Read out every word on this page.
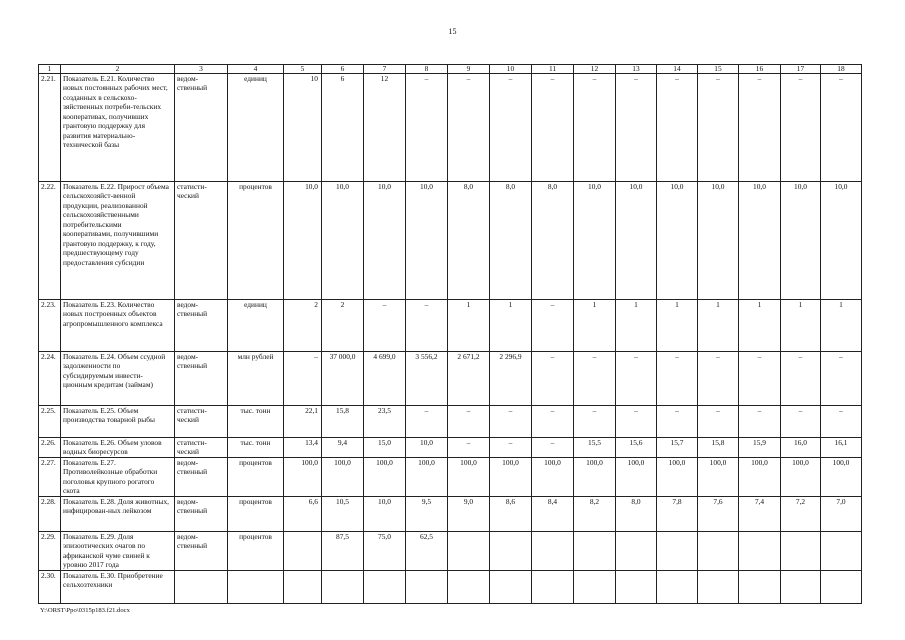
15
1	2	3	4	5	6	7	8	9	10	11	12	13	14	15	16	17	18
2.21.	Показатель Е.21. Количество новых постоянных рабочих мест, созданных в сельскохо-зяйственных потреби-тельских кооперативах, получивших грантовую поддержку для развития материально-технической базы	ведом-ственный	единиц	10	6	12	–	–	–	–	–	–	–	–	–	–	–
2.22.	Показатель Е.22. Прирост объема сельскохозяйст-венной продукции, реализованной сельскохозяйственными потребительскими кооперативами, получившими грантовую поддержку, к году, предшествующему году предоставления субсидии	статисти-ческий	процентов	10,0	10,0	10,0	10,0	8,0	8,0	8,0	10,0	10,0	10,0	10,0	10,0	10,0	10,0
2.23.	Показатель Е.23. Количество новых построенных объектов агропромышленного комплекса	ведом-ственный	единиц	2	2	–	–	1	1	–	1	1	1	1	1	1	1
2.24.	Показатель Е.24. Объем ссудной задолженности по субсидируемым инвести-ционным кредитам (займам)	ведом-ственный	млн рублей	–	37 000,0	4 699,0	3 556,2	2 671,2	2 296,9	–	–	–	–	–	–	–	–
2.25.	Показатель Е.25. Объем производства товарной рыбы	статисти-ческий	тыс. тонн	22,1	15,8	23,5	–	–	–	–	–	–	–	–	–	–	–
2.26.	Показатель Е.26. Объем уловов водных биоресурсов	статисти-ческий	тыс. тонн	13,4	9,4	15,0	10,0	–	–	–	15,5	15,6	15,7	15,8	15,9	16,0	16,1
2.27.	Показатель Е.27. Противолейкозные обработки поголовья крупного рогатого скота	ведом-ственный	процентов	100,0	100,0	100,0	100,0	100,0	100,0	100,0	100,0	100,0	100,0	100,0	100,0	100,0	100,0
2.28.	Показатель Е.28. Доля животных, инфицирован-ных лейкозом	ведом-ственный	процентов	6,6	10,5	10,0	9,5	9,0	8,6	8,4	8,2	8,0	7,8	7,6	7,4	7,2	7,0
2.29.	Показатель Е.29. Доля эпизоотических очагов по африканской чуме свиней к уровню 2017 года	ведом-ственный	процентов		87,5	75,0	62,5										
2.30.	Показатель Е.30. Приобретение сельхозтехники																
Y:\ORST\Ppo\0315p183.f21.docx
